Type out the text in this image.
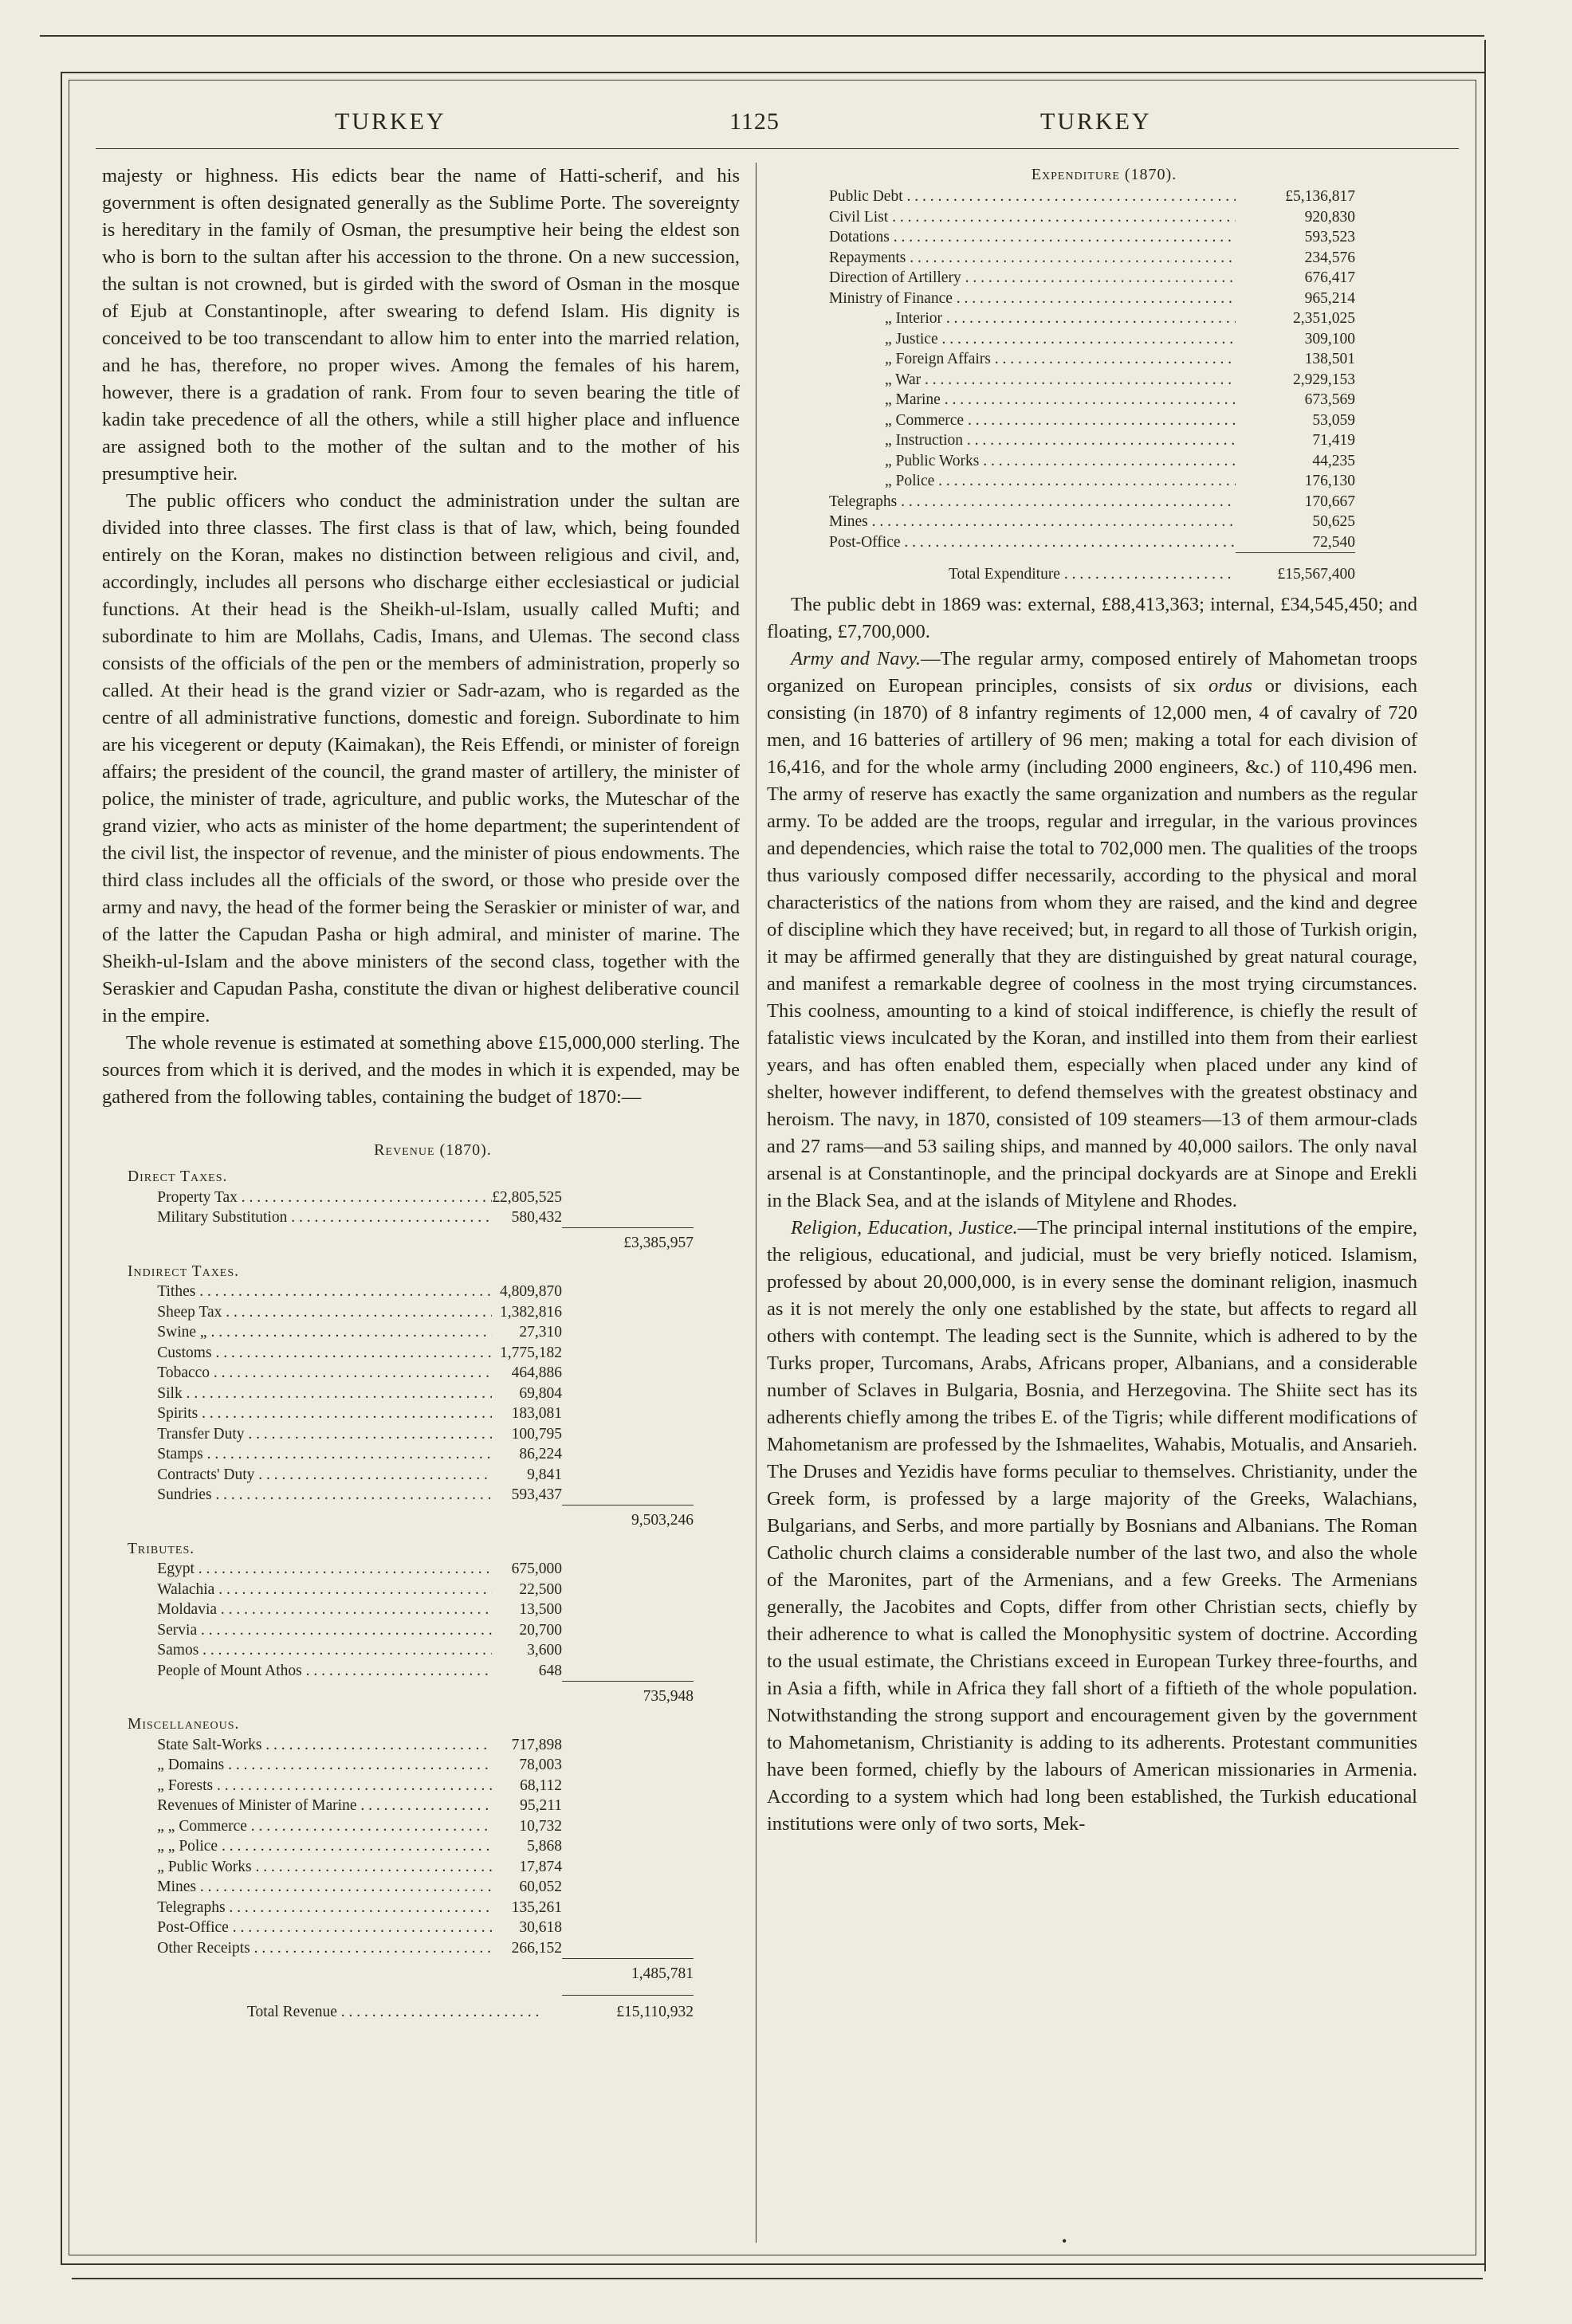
TURKEY	1125	TURKEY

majesty or highness. His edicts bear the name of Hatti-scherif, and his government is often designated generally as the Sublime Porte. The sovereignty is hereditary in the family of Osman, the presumptive heir being the eldest son who is born to the sultan after his accession to the throne. On a new succession, the sultan is not crowned, but is girded with the sword of Osman in the mosque of Ejub at Constantinople, after swearing to defend Islam. His dignity is conceived to be too transcendant to allow him to enter into the married relation, and he has, therefore, no proper wives. Among the females of his harem, however, there is a gradation of rank. From four to seven bearing the title of kadin take precedence of all the others, while a still higher place and influence are assigned both to the mother of the sultan and to the mother of his presumptive heir.

The public officers who conduct the administration under the sultan are divided into three classes. The first class is that of law, which, being founded entirely on the Koran, makes no distinction between religious and civil, and, accordingly, includes all persons who discharge either ecclesiastical or judicial functions. At their head is the Sheikh-ul-Islam, usually called Mufti; and subordinate to him are Mollahs, Cadis, Imans, and Ulemas. The second class consists of the officials of the pen or the members of administration, properly so called. At their head is the grand vizier or Sadr-azam, who is regarded as the centre of all administrative functions, domestic and foreign. Subordinate to him are his vicegerent or deputy (Kaimakan), the Reis Effendi, or minister of foreign affairs; the president of the council, the grand master of artillery, the minister of police, the minister of trade, agriculture, and public works, the Muteschar of the grand vizier, who acts as minister of the home department; the superintendent of the civil list, the inspector of revenue, and the minister of pious endowments. The third class includes all the officials of the sword, or those who preside over the army and navy, the head of the former being the Seraskier or minister of war, and of the latter the Capudan Pasha or high admiral, and minister of marine. The Sheikh-ul-Islam and the above ministers of the second class, together with the Seraskier and Capudan Pasha, constitute the divan or highest deliberative council in the empire.

The whole revenue is estimated at something above £15,000,000 sterling. The sources from which it is derived, and the modes in which it is expended, may be gathered from the following tables, containing the budget of 1870:—

Revenue (1870).

Direct Taxes.			

	Property Tax . . .	£2,805,525	

	Military Substitution . . .	580,432	
			£3,385,957

Indirect Taxes.			

	Tithes . . .	4,809,870	

	Sheep Tax . . .	1,382,816	

	Swine „ . . .	27,310	

	Customs . . .	1,775,182	

	Tobacco . . .	464,886	

	Silk . . .	69,804	

	Spirits . . .	183,081	

	Transfer Duty . . .	100,795	

	Stamps . . .	86,224	

	Contracts' Duty . . .	9,841	

	Sundries . . .	593,437	
			9,503,246

Tributes.			

	Egypt . . .	675,000	

	Walachia . . .	22,500	

	Moldavia . . .	13,500	

	Servia . . .	20,700	

	Samos . . .	3,600	

	People of Mount Athos . . .	648	
			735,948

Miscellaneous.			

	State Salt-Works . . .	717,898	

	„ Domains . . .	78,003	

	„ Forests . . .	68,112	

	Revenues of Minister of Marine . . .	95,211	

	„ „ Commerce . . .	10,732	

	„ „ Police . . .	5,868	

	„ Public Works . . .	17,874	

	Mines . . .	60,052	

	Telegraphs . . .	135,261	

	Post-Office . . .	30,618	

	Other Receipts . . .	266,152	
			1,485,781

Total Revenue . . .			£15,110,932

Expenditure (1870).

Public Debt . . .	£5,136,817

Civil List . . .	920,830

Dotations . . .	593,523

Repayments . . .	234,576

Direction of Artillery . . .	676,417

Ministry of Finance . . .	965,214

„ Interior . . .	2,351,025

„ Justice . . .	309,100

„ Foreign Affairs . . .	138,501

„ War . . .	2,929,153

„ Marine . . .	673,569

„ Commerce . . .	53,059

„ Instruction . . .	71,419

„ Public Works . . .	44,235

„ Police . . .	176,130

Telegraphs . . .	170,667

Mines . . .	50,625

Post-Office . . .	72,540

Total Expenditure . . .	£15,567,400

The public debt in 1869 was: external, £88,413,363; internal, £34,545,450; and floating, £7,700,000.

Army and Navy.—The regular army, composed entirely of Mahometan troops organized on European principles, consists of six ordus or divisions, each consisting (in 1870) of 8 infantry regiments of 12,000 men, 4 of cavalry of 720 men, and 16 batteries of artillery of 96 men; making a total for each division of 16,416, and for the whole army (including 2000 engineers, &c.) of 110,496 men. The army of reserve has exactly the same organization and numbers as the regular army. To be added are the troops, regular and irregular, in the various provinces and dependencies, which raise the total to 702,000 men. The qualities of the troops thus variously composed differ necessarily, according to the physical and moral characteristics of the nations from whom they are raised, and the kind and degree of discipline which they have received; but, in regard to all those of Turkish origin, it may be affirmed generally that they are distinguished by great natural courage, and manifest a remarkable degree of coolness in the most trying circumstances. This coolness, amounting to a kind of stoical indifference, is chiefly the result of fatalistic views inculcated by the Koran, and instilled into them from their earliest years, and has often enabled them, especially when placed under any kind of shelter, however indifferent, to defend themselves with the greatest obstinacy and heroism. The navy, in 1870, consisted of 109 steamers—13 of them armour-clads and 27 rams—and 53 sailing ships, and manned by 40,000 sailors. The only naval arsenal is at Constantinople, and the principal dockyards are at Sinope and Erekli in the Black Sea, and at the islands of Mitylene and Rhodes.

Religion, Education, Justice.—The principal internal institutions of the empire, the religious, educational, and judicial, must be very briefly noticed. Islamism, professed by about 20,000,000, is in every sense the dominant religion, inasmuch as it is not merely the only one established by the state, but affects to regard all others with contempt. The leading sect is the Sunnite, which is adhered to by the Turks proper, Turcomans, Arabs, Africans proper, Albanians, and a considerable number of Sclaves in Bulgaria, Bosnia, and Herzegovina. The Shiite sect has its adherents chiefly among the tribes E. of the Tigris; while different modifications of Mahometanism are professed by the Ishmaelites, Wahabis, Motualis, and Ansarieh. The Druses and Yezidis have forms peculiar to themselves. Christianity, under the Greek form, is professed by a large majority of the Greeks, Walachians, Bulgarians, and Serbs, and more partially by Bosnians and Albanians. The Roman Catholic church claims a considerable number of the last two, and also the whole of the Maronites, part of the Armenians, and a few Greeks. The Armenians generally, the Jacobites and Copts, differ from other Christian sects, chiefly by their adherence to what is called the Monophysitic system of doctrine. According to the usual estimate, the Christians exceed in European Turkey three-fourths, and in Asia a fifth, while in Africa they fall short of a fiftieth of the whole population. Notwithstanding the strong support and encouragement given by the government to Mahometanism, Christianity is adding to its adherents. Protestant communities have been formed, chiefly by the labours of American missionaries in Armenia. According to a system which had long been established, the Turkish educational institutions were only of two sorts, Mek-

•
